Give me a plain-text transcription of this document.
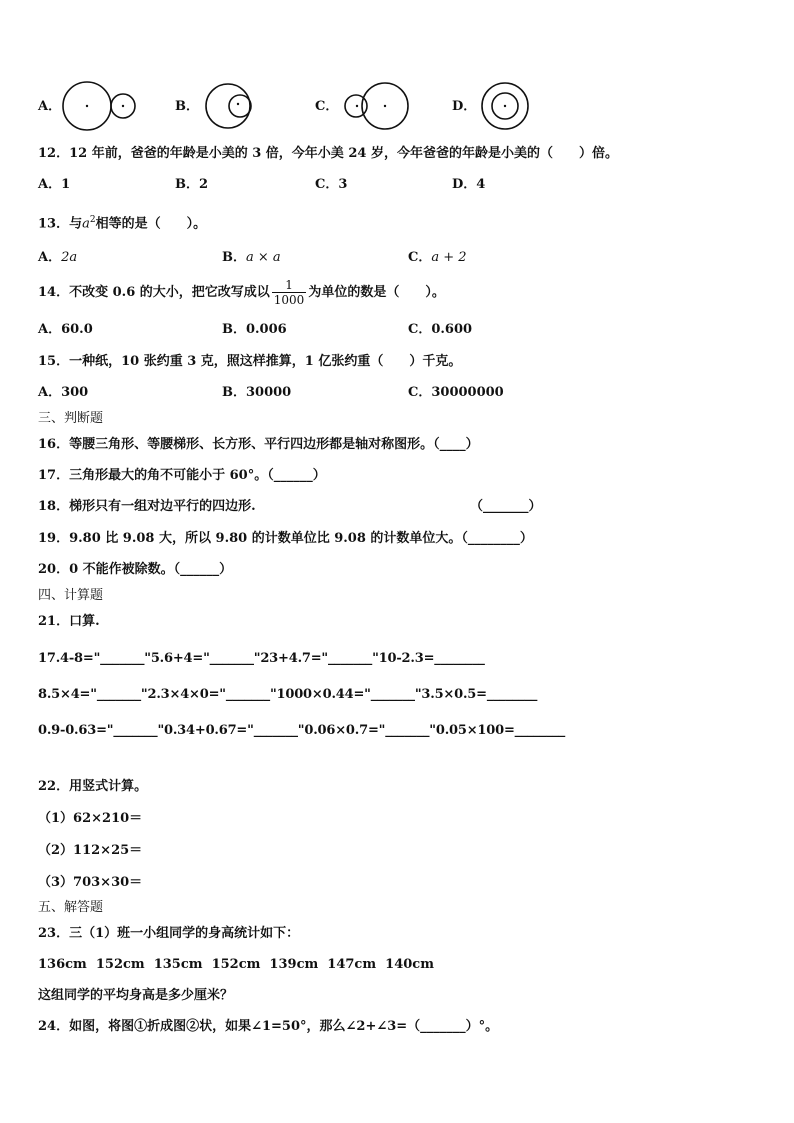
A．	B．	C．	D．
12．12 年前，爸爸的年龄是小美的 3 倍，今年小美 24 岁，今年爸爸的年龄是小美的（　　）倍。
A．1	B．2	C．3	D．4
13．与$a^2$相等的是（　　）。
A．2a	B．a × a	C．a + 2
14．不改变 0.6 的大小，把它改写成以 $\frac{1}{1000}$ 为单位的数是（　　）。
A．60.0	B．0.006	C．0.600
15．一种纸，10 张约重 3 克，照这样推算，1 亿张约重（　　）千克。
A．300	B．30000	C．30000000
三、判断题
16．等腰三角形、等腰梯形、长方形、平行四边形都是轴对称图形。（____）
17．三角形最大的角不可能小于 60°。（______）
18．梯形只有一组对边平行的四边形.	（_______）
19．9.80 比 9.08 大，所以 9.80 的计数单位比 9.08 的计数单位大。（________）
20．0 不能作被除数。（______）
四、计算题
21．口算.
17.4-8="_______"5.6+4="_______"23+4.7="_______"10-2.3=________
8.5×4="_______"2.3×4×0="_______"1000×0.44="_______"3.5×0.5=________
0.9-0.63="_______"0.34+0.67="_______"0.06×0.7="_______"0.05×100=________
22．用竖式计算。
（1）62×210＝
（2）112×25＝
（3）703×30＝
五、解答题
23．三（1）班一小组同学的身高统计如下：
136cm  152cm  135cm  152cm  139cm  147cm  140cm
这组同学的平均身高是多少厘米？
24．如图，将图①折成图②状，如果∠1=50°，那么∠2+∠3=（_______）°。
